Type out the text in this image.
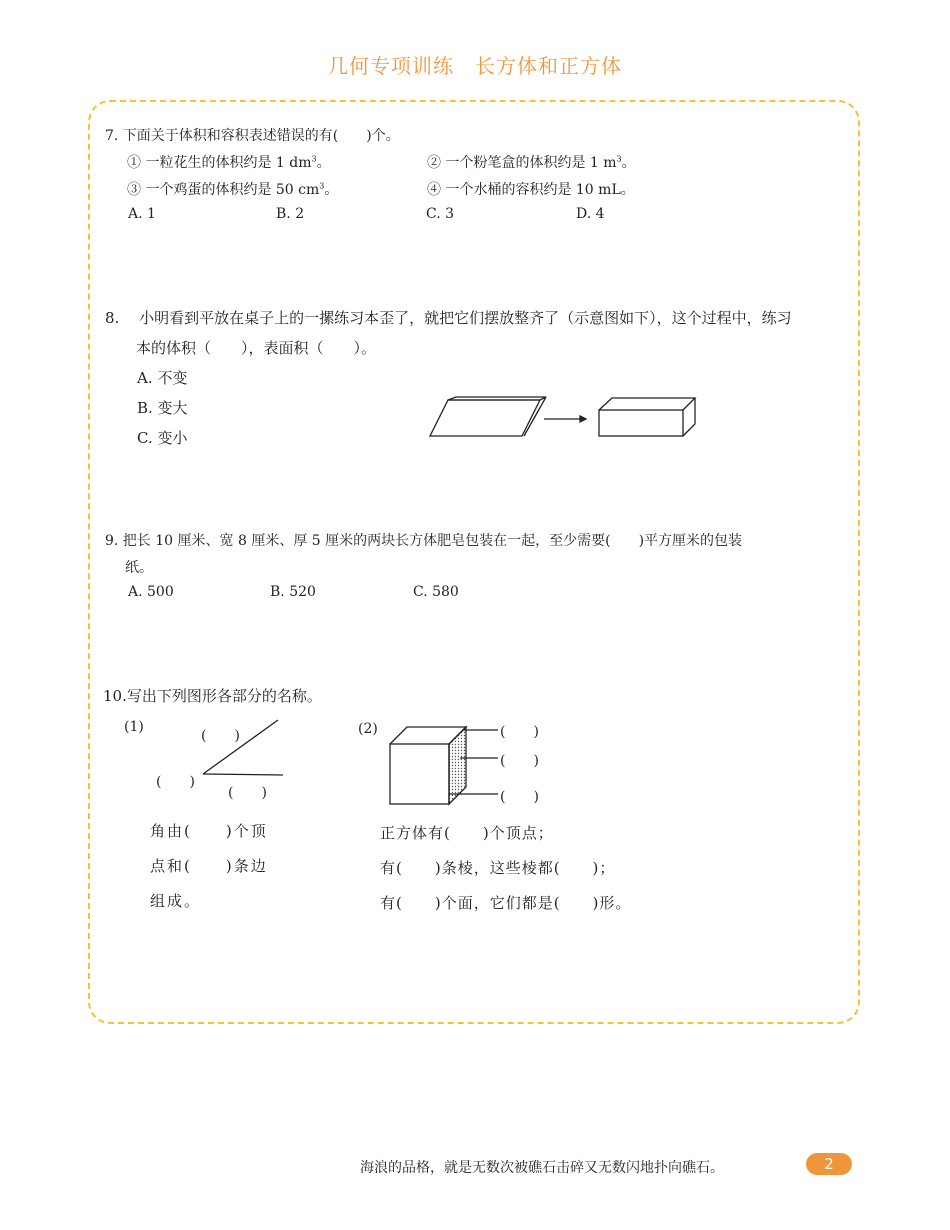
几何专项训练　长方体和正方体
7. 下面关于体积和容积表述错误的有(　　)个。
① 一粒花生的体积约是 1 $dm^3$。	② 一个粉笔盒的体积约是 1 $m^3$。
③ 一个鸡蛋的体积约是 50 $cm^3$。	④ 一个水桶的容积约是 10 mL。
A. 1	B. 2	C. 3	D. 4
8.　 小明看到平放在桌子上的一摞练习本歪了，就把它们摆放整齐了（示意图如下），这个过程中，练习
本的体积（　　），表面积（　　）。
A. 不变
B. 变大
C. 变小
9. 把长 10 厘米、宽 8 厘米、厚 5 厘米的两块长方体肥皂包装在一起，至少需要(　　)平方厘米的包装
纸。
A. 500	B. 520	C. 580
10.写出下列图形各部分的名称。
(1)
(　　)
(　　)
(　　)
角由(　　)个顶
点和(　　)条边
组成。
(2)	(　　)
(　　)
(　　)
正方体有(　　)个顶点；
有(　　)条棱，这些棱都(　　)；
有(　　)个面，它们都是(　　)形。
海浪的品格，就是无数次被礁石击碎又无数闪地扑向礁石。	2
